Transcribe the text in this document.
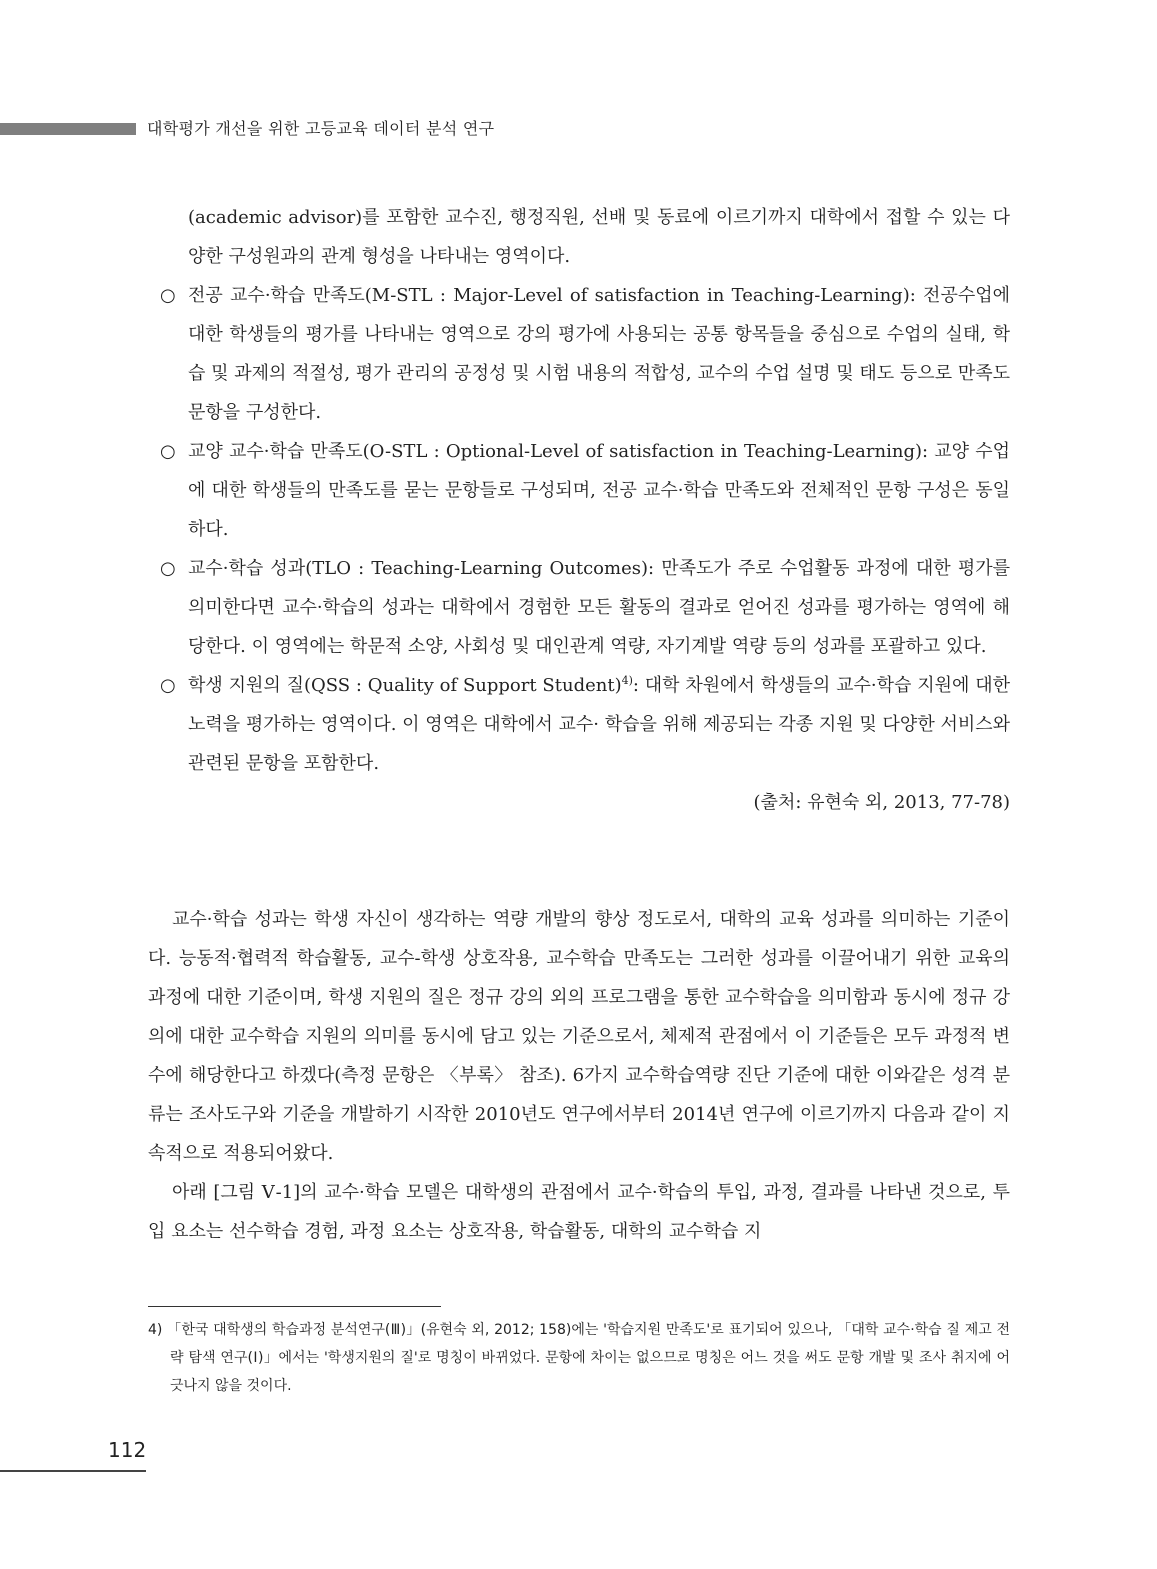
대학평가 개선을 위한 고등교육 데이터 분석 연구

(academic advisor)를 포함한 교수진, 행정직원, 선배 및 동료에 이르기까지 대학에서 접할 수 있는 다양한 구성원과의 관계 형성을 나타내는 영역이다.

○ 전공 교수·학습 만족도(M-STL : Major-Level of satisfaction in Teaching-Learning): 전공수업에 대한 학생들의 평가를 나타내는 영역으로 강의 평가에 사용되는 공통 항목들을 중심으로 수업의 실태, 학습 및 과제의 적절성, 평가 관리의 공정성 및 시험 내용의 적합성, 교수의 수업 설명 및 태도 등으로 만족도 문항을 구성한다.

○ 교양 교수·학습 만족도(O-STL : Optional-Level of satisfaction in Teaching-Learning): 교양 수업에 대한 학생들의 만족도를 묻는 문항들로 구성되며, 전공 교수·학습 만족도와 전체적인 문항 구성은 동일하다.

○ 교수·학습 성과(TLO : Teaching-Learning Outcomes): 만족도가 주로 수업활동 과정에 대한 평가를 의미한다면 교수·학습의 성과는 대학에서 경험한 모든 활동의 결과로 얻어진 성과를 평가하는 영역에 해당한다. 이 영역에는 학문적 소양, 사회성 및 대인관계 역량, 자기계발 역량 등의 성과를 포괄하고 있다.

○ 학생 지원의 질(QSS : Quality of Support Student)$^{4)}$: 대학 차원에서 학생들의 교수·학습 지원에 대한 노력을 평가하는 영역이다. 이 영역은 대학에서 교수· 학습을 위해 제공되는 각종 지원 및 다양한 서비스와 관련된 문항을 포함한다.

(출처: 유현숙 외, 2013, 77-78)

교수·학습 성과는 학생 자신이 생각하는 역량 개발의 향상 정도로서, 대학의 교육 성과를 의미하는 기준이다. 능동적·협력적 학습활동, 교수-학생 상호작용, 교수학습 만족도는 그러한 성과를 이끌어내기 위한 교육의 과정에 대한 기준이며, 학생 지원의 질은 정규 강의 외의 프로그램을 통한 교수학습을 의미함과 동시에 정규 강의에 대한 교수학습 지원의 의미를 동시에 담고 있는 기준으로서, 체제적 관점에서 이 기준들은 모두 과정적 변수에 해당한다고 하겠다(측정 문항은 〈부록〉 참조). 6가지 교수학습역량 진단 기준에 대한 이와같은 성격 분류는 조사도구와 기준을 개발하기 시작한 2010년도 연구에서부터 2014년 연구에 이르기까지 다음과 같이 지속적으로 적용되어왔다.

아래 [그림 Ⅴ-1]의 교수·학습 모델은 대학생의 관점에서 교수·학습의 투입, 과정, 결과를 나타낸 것으로, 투입 요소는 선수학습 경험, 과정 요소는 상호작용, 학습활동, 대학의 교수학습 지

4) 「한국 대학생의 학습과정 분석연구(Ⅲ)」(유현숙 외, 2012; 158)에는 '학습지원 만족도'로 표기되어 있으나, 「대학 교수·학습 질 제고 전략 탐색 연구(Ⅰ)」에서는 '학생지원의 질'로 명칭이 바뀌었다. 문항에 차이는 없으므로 명칭은 어느 것을 써도 문항 개발 및 조사 취지에 어긋나지 않을 것이다.

112
